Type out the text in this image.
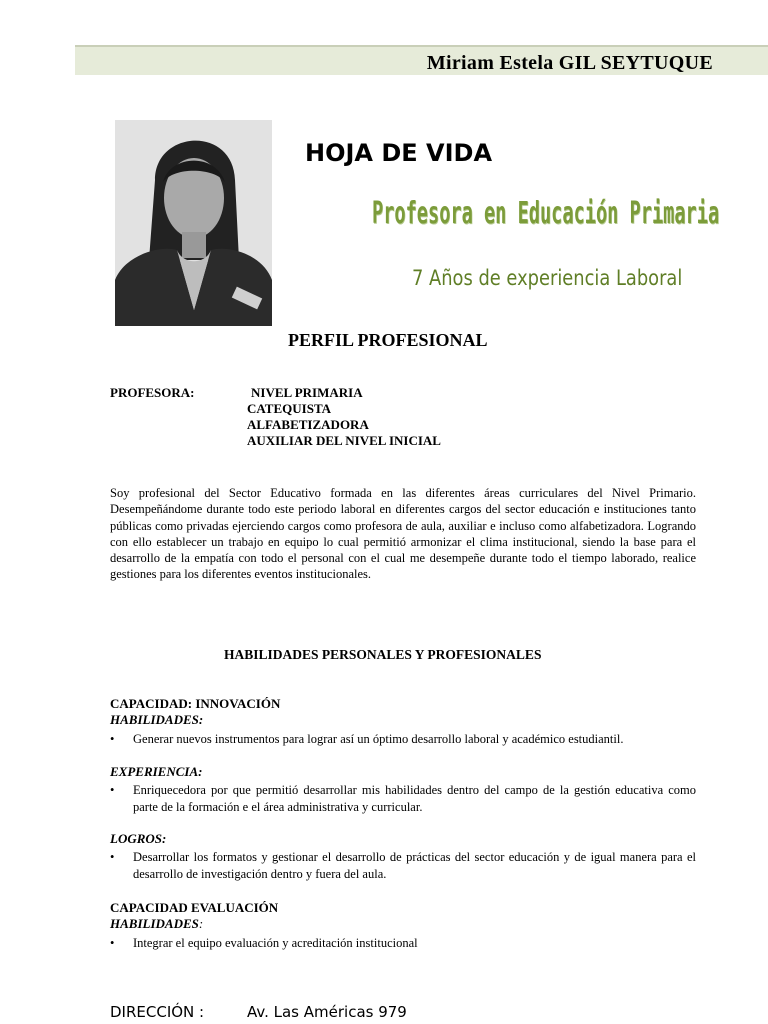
Miriam Estela GIL SEYTUQUE
HOJA DE VIDA
Profesora en Educación Primaria
7 Años de experiencia Laboral
PERFIL PROFESIONAL
PROFESORA:	NIVEL PRIMARIA
CATEQUISTA
ALFABETIZADORA
AUXILIAR DEL NIVEL INICIAL

Soy profesional del Sector Educativo formada en las diferentes áreas curriculares del Nivel Primario. Desempeñándome durante todo este periodo laboral en diferentes cargos del sector educación e instituciones tanto públicas como privadas ejerciendo cargos como profesora de aula, auxiliar e incluso como alfabetizadora. Logrando con ello establecer un trabajo en equipo lo cual permitió armonizar el clima institucional, siendo la base para el desarrollo de la empatía con todo el personal con el cual me desempeñe durante todo el tiempo laborado, realice gestiones para los diferentes eventos institucionales.

HABILIDADES PERSONALES Y PROFESIONALES
CAPACIDAD: INNOVACIÓN
HABILIDADES:
•	Generar nuevos instrumentos para lograr así un óptimo desarrollo laboral y académico estudiantil.
EXPERIENCIA:
•	Enriquecedora por que permitió desarrollar mis habilidades dentro del campo de la gestión educativa como parte de la formación e el área administrativa y curricular.
LOGROS:
•	Desarrollar los formatos y gestionar el desarrollo de prácticas del sector educación y de igual manera para el desarrollo de investigación dentro y fuera del aula.
CAPACIDAD EVALUACIÓN
HABILIDADES:
•	Integrar el equipo evaluación y acreditación institucional
DIRECCIÓN :	Av. Las Américas 979
